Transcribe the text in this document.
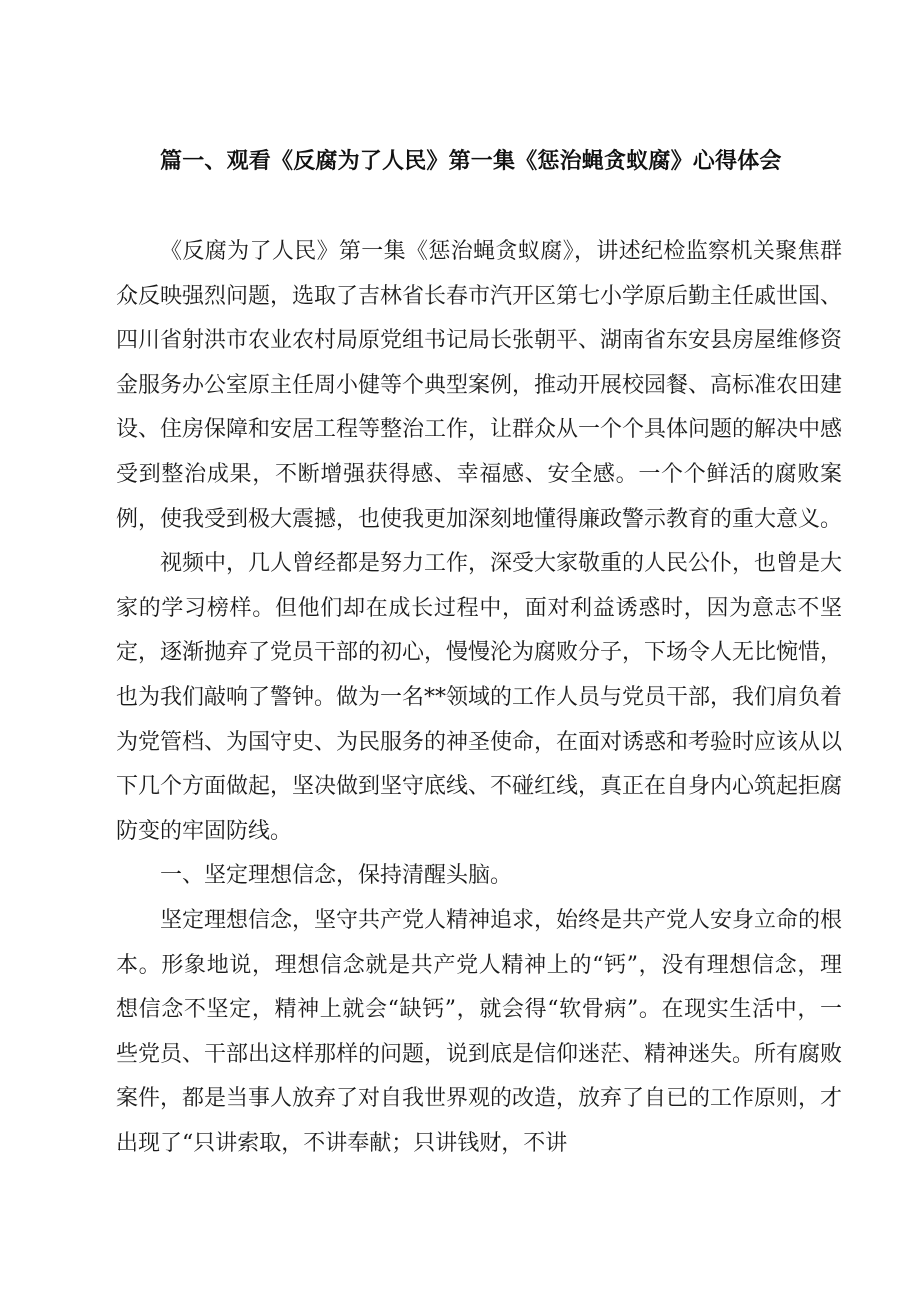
篇一、观看《反腐为了人民》第一集《惩治蝇贪蚁腐》心得体会

《反腐为了人民》第一集《惩治蝇贪蚁腐》，讲述纪检监察机关聚焦群众反映强烈问题，选取了吉林省长春市汽开区第七小学原后勤主任戚世国、四川省射洪市农业农村局原党组书记局长张朝平、湖南省东安县房屋维修资金服务办公室原主任周小健等个典型案例，推动开展校园餐、高标准农田建设、住房保障和安居工程等整治工作，让群众从一个个具体问题的解决中感受到整治成果，不断增强获得感、幸福感、安全感。一个个鲜活的腐败案例，使我受到极大震撼，也使我更加深刻地懂得廉政警示教育的重大意义。

视频中，几人曾经都是努力工作，深受大家敬重的人民公仆，也曾是大家的学习榜样。但他们却在成长过程中，面对利益诱惑时，因为意志不坚定，逐渐抛弃了党员干部的初心，慢慢沦为腐败分子，下场令人无比惋惜，也为我们敲响了警钟。做为一名**领域的工作人员与党员干部，我们肩负着为党管档、为国守史、为民服务的神圣使命，在面对诱惑和考验时应该从以下几个方面做起，坚决做到坚守底线、不碰红线，真正在自身内心筑起拒腐防变的牢固防线。

一、坚定理想信念，保持清醒头脑。

坚定理想信念，坚守共产党人精神追求，始终是共产党人安身立命的根本。形象地说，理想信念就是共产党人精神上的“钙”，没有理想信念，理想信念不坚定，精神上就会“缺钙”，就会得“软骨病”。在现实生活中，一些党员、干部出这样那样的问题，说到底是信仰迷茫、精神迷失。所有腐败案件，都是当事人放弃了对自我世界观的改造，放弃了自已的工作原则，才出现了“只讲索取，不讲奉献；只讲钱财，不讲
